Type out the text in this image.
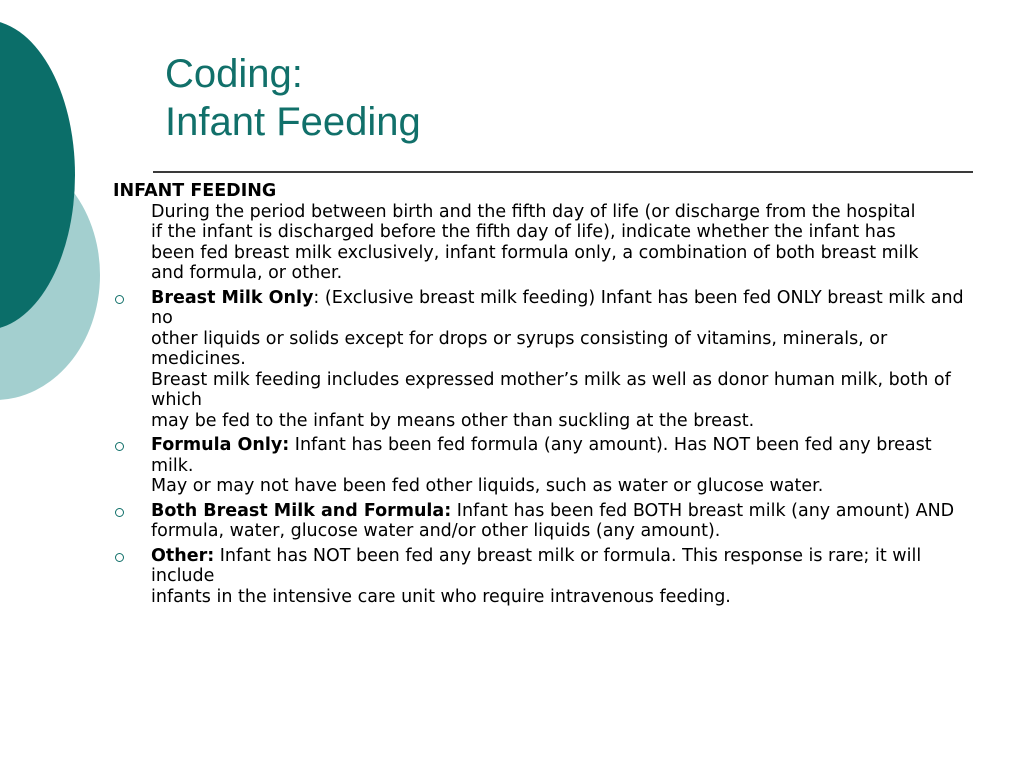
Coding:
Infant Feeding
INFANT FEEDING
During the period between birth and the fifth day of life (or discharge from the hospital
if the infant is discharged before the fifth day of life), indicate whether the infant has
been fed breast milk exclusively, infant formula only, a combination of both breast milk
and formula, or other.
Breast Milk Only: (Exclusive breast milk feeding) Infant has been fed ONLY breast milk and no
other liquids or solids except for drops or syrups consisting of vitamins, minerals, or medicines.
Breast milk feeding includes expressed mother’s milk as well as donor human milk, both of which
may be fed to the infant by means other than suckling at the breast.
Formula Only: Infant has been fed formula (any amount). Has NOT been fed any breast milk.
May or may not have been fed other liquids, such as water or glucose water.
Both Breast Milk and Formula: Infant has been fed BOTH breast milk (any amount) AND
formula, water, glucose water and/or other liquids (any amount).
Other: Infant has NOT been fed any breast milk or formula. This response is rare; it will include
infants in the intensive care unit who require intravenous feeding.
